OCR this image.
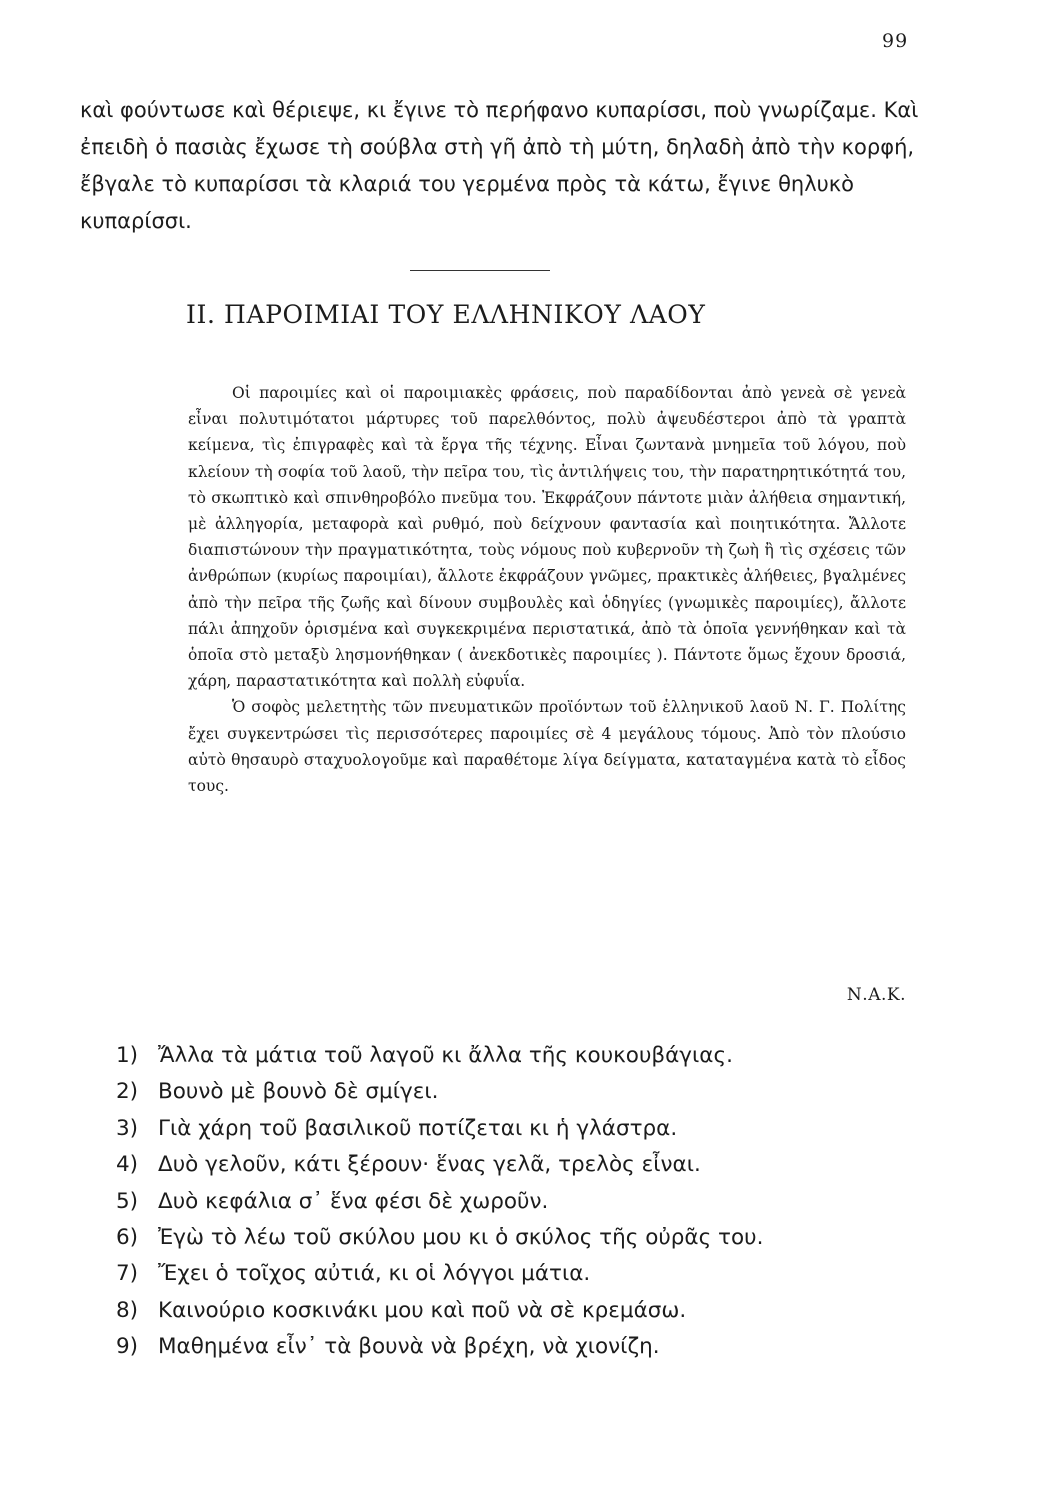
99

καὶ φούντωσε καὶ θέριεψε, κι ἔγινε τὸ περήφανο κυπαρίσσι, ποὺ γνωρίζαμε. Καὶ ἐπειδὴ ὁ πασιὰς ἔχωσε τὴ σούβλα στὴ γῆ ἀπὸ τὴ μύτη, δηλαδὴ ἀπὸ τὴν κορφή, ἔβγαλε τὸ κυπαρίσσι τὰ κλαριά του γερμένα πρὸς τὰ κάτω, ἔγινε θηλυκὸ κυπαρίσσι.

ΙΙ. ΠΑΡΟΙΜΙΑΙ ΤΟΥ ΕΛΛΗΝΙΚΟΥ ΛΑΟΥ

Οἱ παροιμίες καὶ οἱ παροιμιακὲς φράσεις, ποὺ παραδίδονται ἀπὸ γενεὰ σὲ γενεὰ εἶναι πολυτιμότατοι μάρτυρες τοῦ παρελθόντος, πολὺ ἀψευδέστεροι ἀπὸ τὰ γραπτὰ κείμενα, τὶς ἐπιγραφὲς καὶ τὰ ἔργα τῆς τέχνης. Εἶναι ζωντανὰ μνημεῖα τοῦ λόγου, ποὺ κλείουν τὴ σοφία τοῦ λαοῦ, τὴν πεῖρα του, τὶς ἀντιλήψεις του, τὴν παρατηρητικότητά του, τὸ σκωπτικὸ καὶ σπινθηροβόλο πνεῦμα του. Ἐκφράζουν πάντοτε μιὰν ἀλήθεια σημαντική, μὲ ἀλληγορία, μεταφορὰ καὶ ρυθμό, ποὺ δείχνουν φαντασία καὶ ποιητικότητα. Ἄλλοτε διαπιστώνουν τὴν πραγματικότητα, τοὺς νόμους ποὺ κυβερνοῦν τὴ ζωὴ ἢ τὶς σχέσεις τῶν ἀνθρώπων (κυρίως παροιμίαι), ἄλλοτε ἐκφράζουν γνῶμες, πρακτικὲς ἀλήθειες, βγαλμένες ἀπὸ τὴν πεῖρα τῆς ζωῆς καὶ δίνουν συμβουλὲς καὶ ὁδηγίες (γνωμικὲς παροιμίες), ἄλλοτε πάλι ἀπηχοῦν ὁρισμένα καὶ συγκεκριμένα περιστατικά, ἀπὸ τὰ ὁποῖα γεννήθηκαν καὶ τὰ ὁποῖα στὸ μεταξὺ λησμονήθηκαν ( ἀνεκδοτικὲς παροιμίες ). Πάντοτε ὅμως ἔχουν δροσιά, χάρη, παραστατικότητα καὶ πολλὴ εὐφυΐα.

Ὁ σοφὸς μελετητὴς τῶν πνευματικῶν προϊόντων τοῦ ἑλληνικοῦ λαοῦ Ν. Γ. Πολίτης ἔχει συγκεντρώσει τὶς περισσότερες παροιμίες σὲ 4 μεγάλους τόμους. Ἀπὸ τὸν πλούσιο αὐτὸ θησαυρὸ σταχυολογοῦμε καὶ παραθέτομε λίγα δείγματα, καταταγμένα κατὰ τὸ εἶδος τους.

Ν.Α.Κ.
1) Ἄλλα τὰ μάτια τοῦ λαγοῦ κι ἄλλα τῆς κουκουβάγιας.
2) Βουνὸ μὲ βουνὸ δὲ σμίγει.
3) Γιὰ χάρη τοῦ βασιλικοῦ ποτίζεται κι ἡ γλάστρα.
4) Δυὸ γελοῦν, κάτι ξέρουν· ἕνας γελᾶ, τρελὸς εἶναι.
5) Δυὸ κεφάλια σ᾽ ἕνα φέσι δὲ χωροῦν.
6) Ἐγὼ τὸ λέω τοῦ σκύλου μου κι ὁ σκύλος τῆς οὐρᾶς του.
7) Ἔχει ὁ τοῖχος αὐτιά, κι οἱ λόγγοι μάτια.
8) Καινούριο κοσκινάκι μου καὶ ποῦ νὰ σὲ κρεμάσω.
9) Μαθημένα εἶν᾽ τὰ βουνὰ νὰ βρέχη, νὰ χιονίζη.
